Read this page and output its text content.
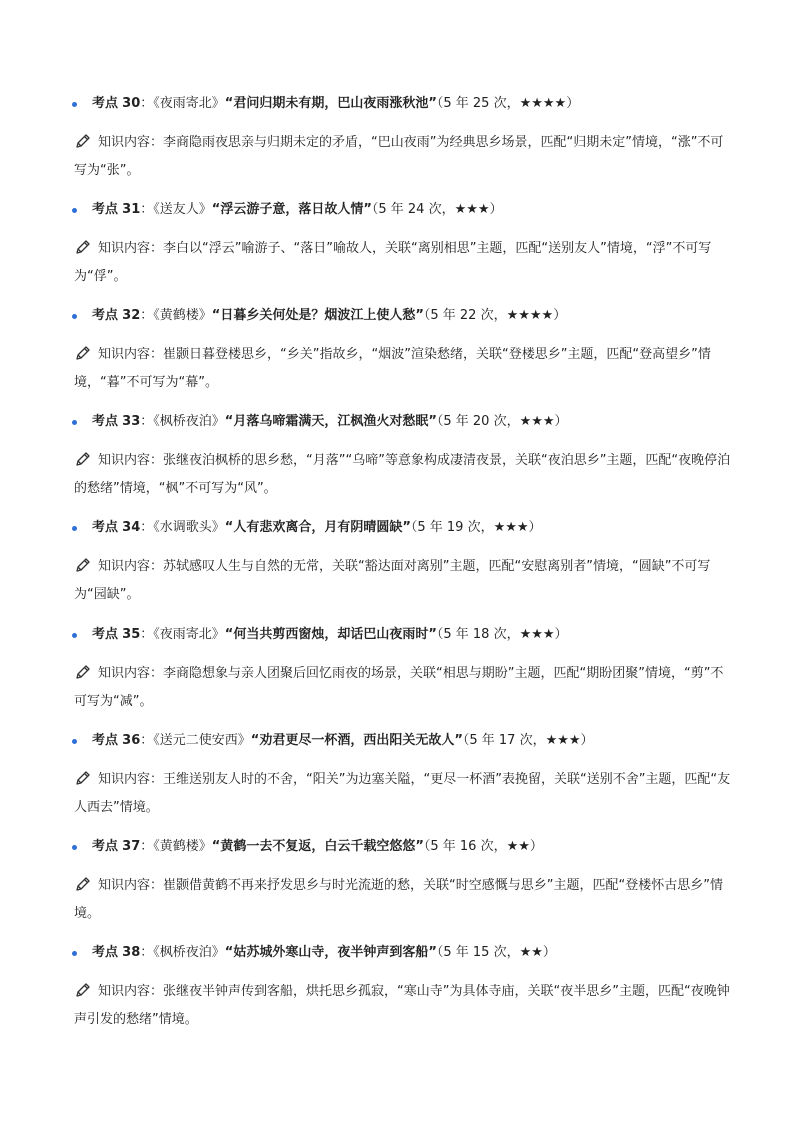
考点 30：《夜雨寄北》“君问归期未有期，巴山夜雨涨秋池”（5 年 25 次，★★★★）
知识内容：李商隐雨夜思亲与归期未定的矛盾，“巴山夜雨”为经典思乡场景，匹配“归期未定”情境，“涨”不可写为“张”。
考点 31：《送友人》“浮云游子意，落日故人情”（5 年 24 次，★★★）
知识内容：李白以“浮云”喻游子、“落日”喻故人，关联“离别相思”主题，匹配“送别友人”情境，“浮”不可写为“俘”。
考点 32：《黄鹤楼》“日暮乡关何处是？烟波江上使人愁”（5 年 22 次，★★★★）
知识内容：崔颢日暮登楼思乡，“乡关”指故乡，“烟波”渲染愁绪，关联“登楼思乡”主题，匹配“登高望乡”情境，“暮”不可写为“幕”。
考点 33：《枫桥夜泊》“月落乌啼霜满天，江枫渔火对愁眠”（5 年 20 次，★★★）
知识内容：张继夜泊枫桥的思乡愁，“月落”“乌啼”等意象构成凄清夜景，关联“夜泊思乡”主题，匹配“夜晚停泊的愁绪”情境，“枫”不可写为“风”。
考点 34：《水调歌头》“人有悲欢离合，月有阴晴圆缺”（5 年 19 次，★★★）
知识内容：苏轼感叹人生与自然的无常，关联“豁达面对离别”主题，匹配“安慰离别者”情境，“圆缺”不可写为“园缺”。
考点 35：《夜雨寄北》“何当共剪西窗烛，却话巴山夜雨时”（5 年 18 次，★★★）
知识内容：李商隐想象与亲人团聚后回忆雨夜的场景，关联“相思与期盼”主题，匹配“期盼团聚”情境，“剪”不可写为“减”。
考点 36：《送元二使安西》“劝君更尽一杯酒，西出阳关无故人”（5 年 17 次，★★★）
知识内容：王维送别友人时的不舍，“阳关”为边塞关隘，“更尽一杯酒”表挽留，关联“送别不舍”主题，匹配“友人西去”情境。
考点 37：《黄鹤楼》“黄鹤一去不复返，白云千载空悠悠”（5 年 16 次，★★）
知识内容：崔颢借黄鹤不再来抒发思乡与时光流逝的愁，关联“时空感慨与思乡”主题，匹配“登楼怀古思乡”情境。
考点 38：《枫桥夜泊》“姑苏城外寒山寺，夜半钟声到客船”（5 年 15 次，★★）
知识内容：张继夜半钟声传到客船，烘托思乡孤寂，“寒山寺”为具体寺庙，关联“夜半思乡”主题，匹配“夜晚钟声引发的愁绪”情境。
